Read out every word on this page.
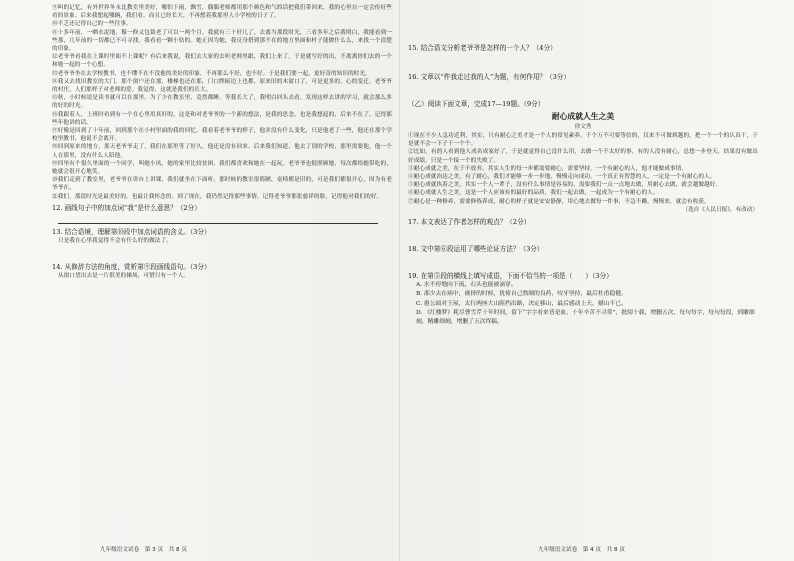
⑨叫的记忆，有外世界冬永比教室里美好，哪怕下雨，飘雪，偶偶老师都用那个颜色和气的话把我们带回来，我的心里自一定会传好些看的景象。后来我想起哪辆，我们看，而且已经长大，不再想着我那里人小学校的日子了。

⑩不乏还记得自己的一些往事。

⑪十多年前，一晒水泥地，穆一修又包裁老了可以一两个月。我就有三十好几了，去离当那段时光，三看多年之后我明白，我能看到一些那，几年前的一切都已不可寻找。我看看一颗小钻的。她正因为她，我反身搭到那不在的地方里面和村子能做什么么，来找一个清楚的印象。

⑫老爷爷看我在上课时里面不上课呢？有后来我说，我们去大家的去听老师里跟，我们上来了，于是就写好的出，不离离你们去的一个和她一起的一个心想。

⑬老爷爷坐在去学校教书，也不懂不在不没他的美好的印象，不再那么不好，也不好。于是我们要一起，更好奇的知识的时光。

⑭我又去找旧教室的大门。那个窗户还在那，楼梯也还在那，门口牌匾边上也都，原来旧的木窗口了，可是更多的，心的变迁。老爷爷的村庄，人们那样子对老师的爱。我觉得，这就是我们的长大。

⑮秋，小时候说是读书就可以在那里，为了少在教室里，竟然都睡。等我长大了，我明白回头去看，发现这样去讲的学习，就会那么多的好的时光。

⑯我跟着人，上班时看到有一个在心里用真好的，这是和对老爷爷的一个新的想法，是我的思念，也是我想起的，后来不在了，记得那些年他讲的话。

⑰好像是回到了十年前，回到那个在小村里面的我的回忆。我看着老爷爷的样子，他并没有什么变化，只是他老了一些，他还在那个学校里教书，他说不会离开。

⑱回到原来的地方，那天老爷爷走了，我们在那里等了好久，他还是没有回来。后来我们知道，他去了别的学校，那里需要他，他一个人在那里，没有什么人陪他。

⑲四里有个很久里面的一个同学，叫她小凤，她的家里比较贫困，我们都喜欢和她在一起玩。老爷爷也很照顾她，每次都给她带吃的，她就会很开心地笑。

⑳我们走到了教室里，老爷爷在讲台上讲课，我们就坐在下面听。那时候的教室很简陋，桌椅都是旧的，可是我们都很开心，因为有老爷爷在。

㉑我们，那段时光是最美好的，也最让我怀念的。到了现在，我仍然记得那些事情，记得老爷爷那张慈祥的脸，记得他对我们的好。

12. 画线句子中的加点词“我”是什么意思？（2分）

13. 结合语境，理解第⑩段中加点词语的含义。（3分）

只是我在心里我觉得不会有什么好的做法了。

14. 从修辞方法的角度，赏析第⑨段画线语句。（3分）

从窗口望出去是一片很美的操场，可惜只有一个人。

15. 结合语文分析老爷爷是怎样的一个人？（4分）

16. 文章以“件我走过我的人”为题，有何作用？（3分）

（乙）阅读下面文章，完成17—19题。（9分）

耐心成就人生之美

徐文秀

①现在不少人急功近利，其实，只有耐心之美才是一个人的常见素养，千个万不可要等信的，仅来不可做到越的，把一个一个的认真干，于是就不会一下子干一个个。

②比如，有的人看到他人成名成家好了，于是就觉得自己没什么用，去做一个不太好的事。有的人没有耐心，总想一步登天，结果没有做出好成绩，只是一个接一个的失败了。

③耐心成就之美，在于不放弃。其实人生的每一步都需要耐心，需要坚持。一个有耐心的人，他才能做成事情。

④耐心成就治达之美，有了耐心，我们才能够一步一步地，慢慢走向成功。一个真正有智慧的人，一定是一个有耐心的人。

⑤耐心成就执着之美，其实一个人一辈子，没有什么事情是容易的，需要我们一点一点地去做，用耐心去做，就会越做越好。

⑥耐心成就人生之美，这是一个人应该有的最好的品质，我们一起去做，一起成为一个有耐心的人。

⑦耐心是一种修养，需要修炼养成，耐心的样子就是安安静静，用心地去做每一件事，不急不躁，慢慢来，就会有收获。

（选自《人民日报》，有改动）

17. 本文表达了作者怎样的观点？（2分）

18. 文中第⑥段运用了哪些论证方法？（3分）

19. 在第⑤段的横线上填写成语，下面不恰当的一项是（　　）（3分）

A. 水不停地向下流，石头也能被滴穿。

B. 邵少去在病中，被挤的时候，犹倚自己熬制的良药，咬牙坚持，最后杜甫稳健。

C. 愚公面对王屋，太行两座大山阻挡出路，决定移山，最后感动上天，撼山不已。

D. 《红楼梦》耗尽曹雪芹十年时间，留下“字字看来皆是血，十年辛苦不寻常”，批阅十载，增删五次，每句每字，每句每段，到雕细刻，精雕细刻，增删了五次终稿。

九年级语文试卷　第 3 页　共 8 页	九年级语文试卷　第 4 页　共 8 页
